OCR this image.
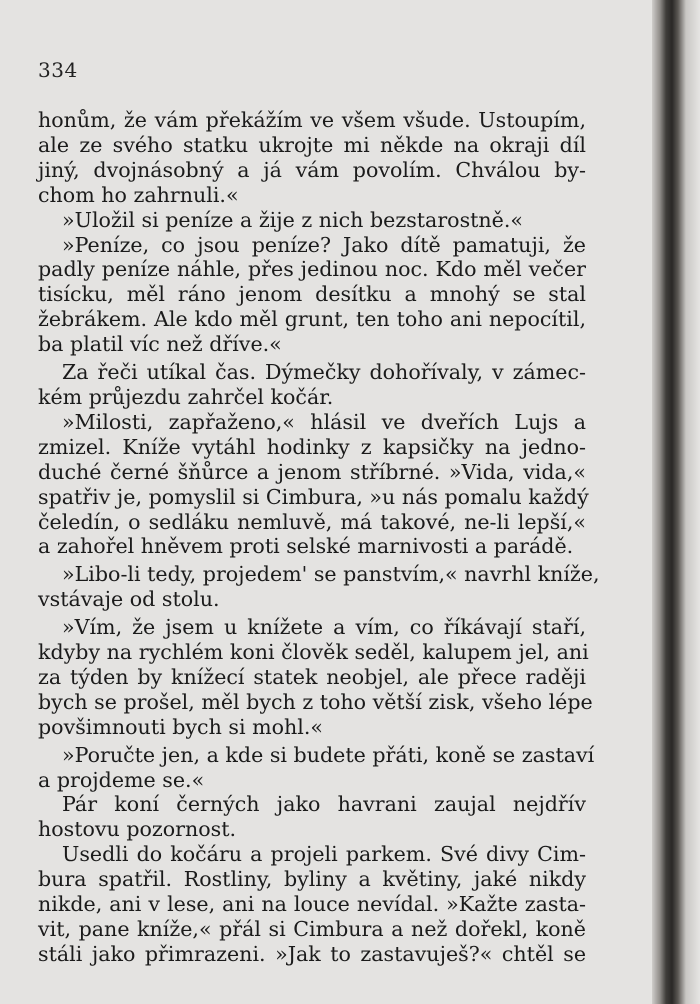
334
honům, že vám překážím ve všem všude. Ustoupím,
ale ze svého statku ukrojte mi někde na okraji díl
jiný, dvojnásobný a já vám povolím. Chválou by-
chom ho zahrnuli.«
»Uložil si peníze a žije z nich bezstarostně.«
»Peníze, co jsou peníze? Jako dítě pamatuji, že
padly peníze náhle, přes jedinou noc. Kdo měl večer
tisícku, měl ráno jenom desítku a mnohý se stal
žebrákem. Ale kdo měl grunt, ten toho ani nepocítil,
ba platil víc než dříve.«
Za řeči utíkal čas. Dýmečky dohořívaly, v zámec-
kém průjezdu zahrčel kočár.
»Milosti, zapřaženo,« hlásil ve dveřích Lujs a
zmizel. Kníže vytáhl hodinky z kapsičky na jedno-
duché černé šňůrce a jenom stříbrné. »Vida, vida,«
spatřiv je, pomyslil si Cimbura, »u nás pomalu každý
čeledín, o sedláku nemluvě, má takové, ne-li lepší,«
a zahořel hněvem proti selské marnivosti a parádě.
»Libo-li tedy, projedem' se panstvím,« navrhl kníže,
vstávaje od stolu.
»Vím, že jsem u knížete a vím, co říkávají staří,
kdyby na rychlém koni člověk seděl, kalupem jel, ani
za týden by knížecí statek neobjel, ale přece raději
bych se prošel, měl bych z toho větší zisk, všeho lépe
povšimnouti bych si mohl.«
»Poručte jen, a kde si budete přáti, koně se zastaví
a projdeme se.«
Pár koní černých jako havrani zaujal nejdřív
hostovu pozornost.
Usedli do kočáru a projeli parkem. Své divy Cim-
bura spatřil. Rostliny, byliny a květiny, jaké nikdy
nikde, ani v lese, ani na louce nevídal. »Kažte zasta-
vit, pane kníže,« přál si Cimbura a než dořekl, koně
stáli jako přimrazeni. »Jak to zastavuješ?« chtěl se
